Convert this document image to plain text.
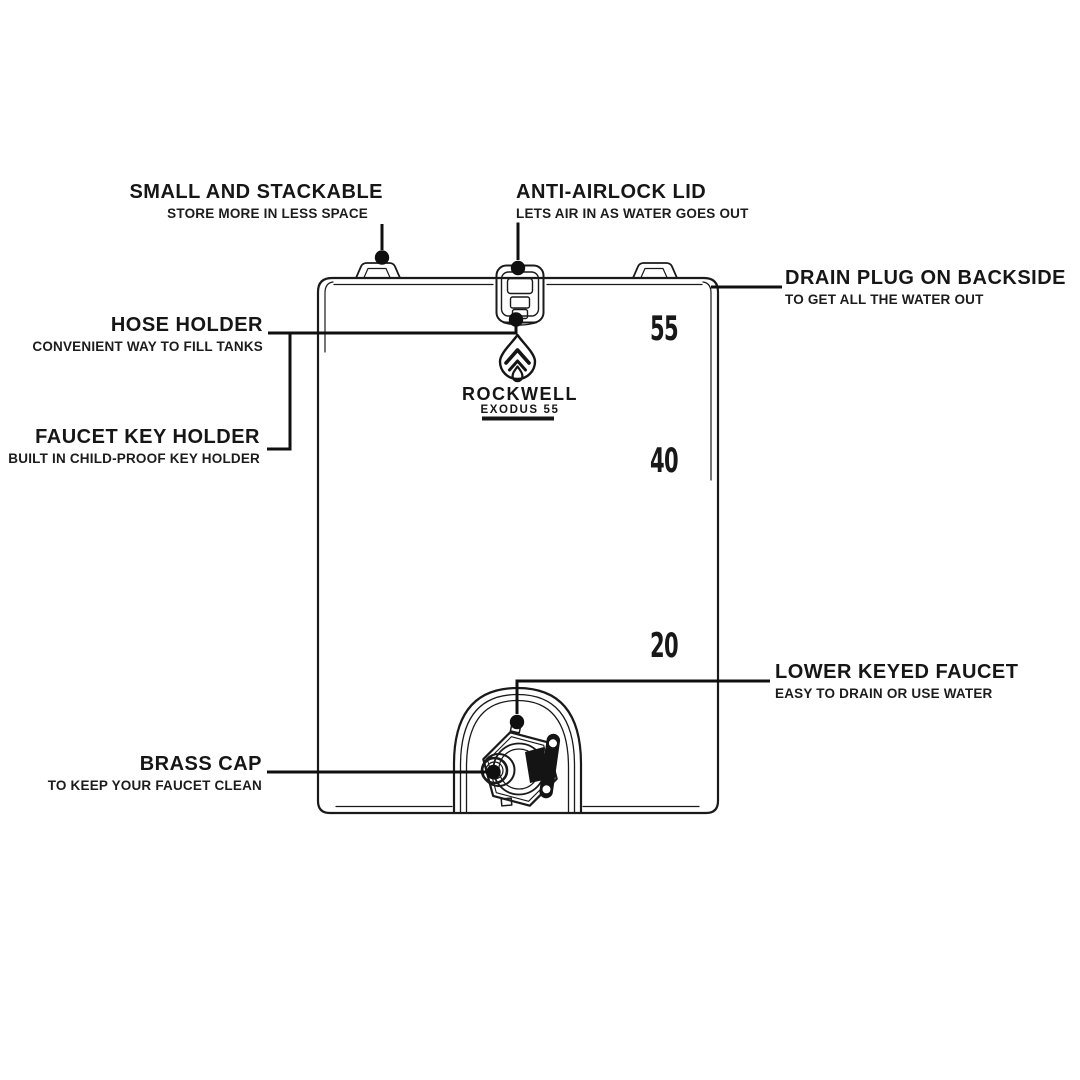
SMALL AND STACKABLE
STORE MORE IN LESS SPACE
ANTI-AIRLOCK LID
LETS AIR IN AS WATER GOES OUT
DRAIN PLUG ON BACKSIDE
TO GET ALL THE WATER OUT
HOSE HOLDER
CONVENIENT WAY TO FILL TANKS
FAUCET KEY HOLDER
BUILT IN CHILD-PROOF KEY HOLDER
LOWER KEYED FAUCET
EASY TO DRAIN OR USE WATER
BRASS CAP
TO KEEP YOUR FAUCET CLEAN
ROCKWELL
EXODUS 55
55
40
20
